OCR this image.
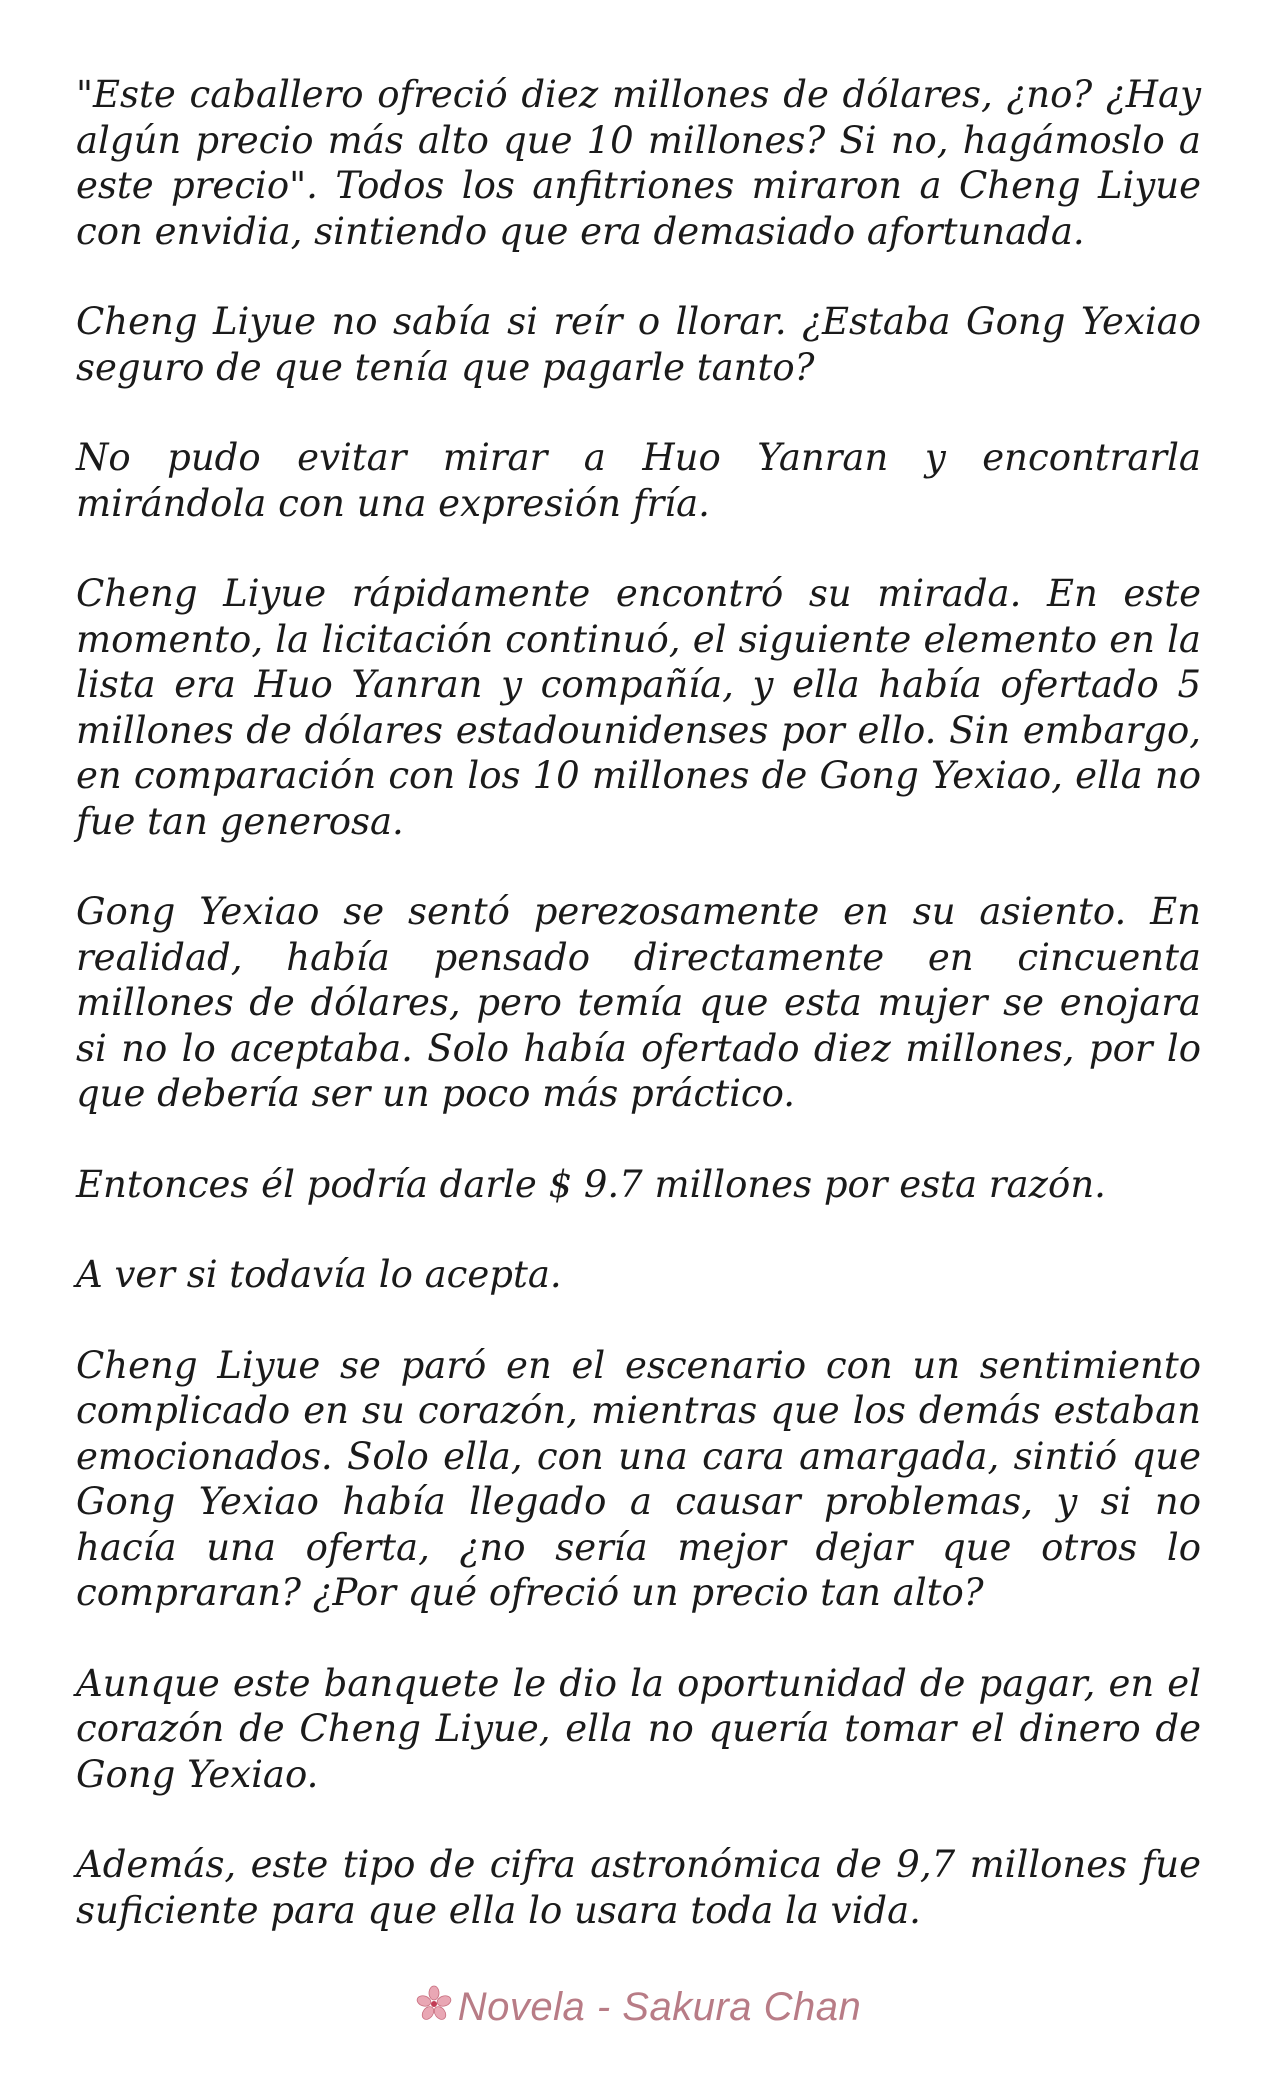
"Este caballero ofreció diez millones de dólares, ¿no? ¿Hay algún precio más alto que 10 millones? Si no, hagámoslo a este precio". Todos los anfitriones miraron a Cheng Liyue con envidia, sintiendo que era demasiado afortunada.

Cheng Liyue no sabía si reír o llorar. ¿Estaba Gong Yexiao seguro de que tenía que pagarle tanto?

No pudo evitar mirar a Huo Yanran y encontrarla mirándola con una expresión fría.

Cheng Liyue rápidamente encontró su mirada. En este momento, la licitación continuó, el siguiente elemento en la lista era Huo Yanran y compañía, y ella había ofertado 5 millones de dólares estadounidenses por ello. Sin embargo, en comparación con los 10 millones de Gong Yexiao, ella no fue tan generosa.

Gong Yexiao se sentó perezosamente en su asiento. En realidad, había pensado directamente en cincuenta millones de dólares, pero temía que esta mujer se enojara si no lo aceptaba. Solo había ofertado diez millones, por lo que debería ser un poco más práctico.

Entonces él podría darle $ 9.7 millones por esta razón.

A ver si todavía lo acepta.

Cheng Liyue se paró en el escenario con un sentimiento complicado en su corazón, mientras que los demás estaban emocionados. Solo ella, con una cara amargada, sintió que Gong Yexiao había llegado a causar problemas, y si no hacía una oferta, ¿no sería mejor dejar que otros lo compraran? ¿Por qué ofreció un precio tan alto?

Aunque este banquete le dio la oportunidad de pagar, en el corazón de Cheng Liyue, ella no quería tomar el dinero de Gong Yexiao.

Además, este tipo de cifra astronómica de 9,7 millones fue suficiente para que ella lo usara toda la vida.

Novela - Sakura Chan
